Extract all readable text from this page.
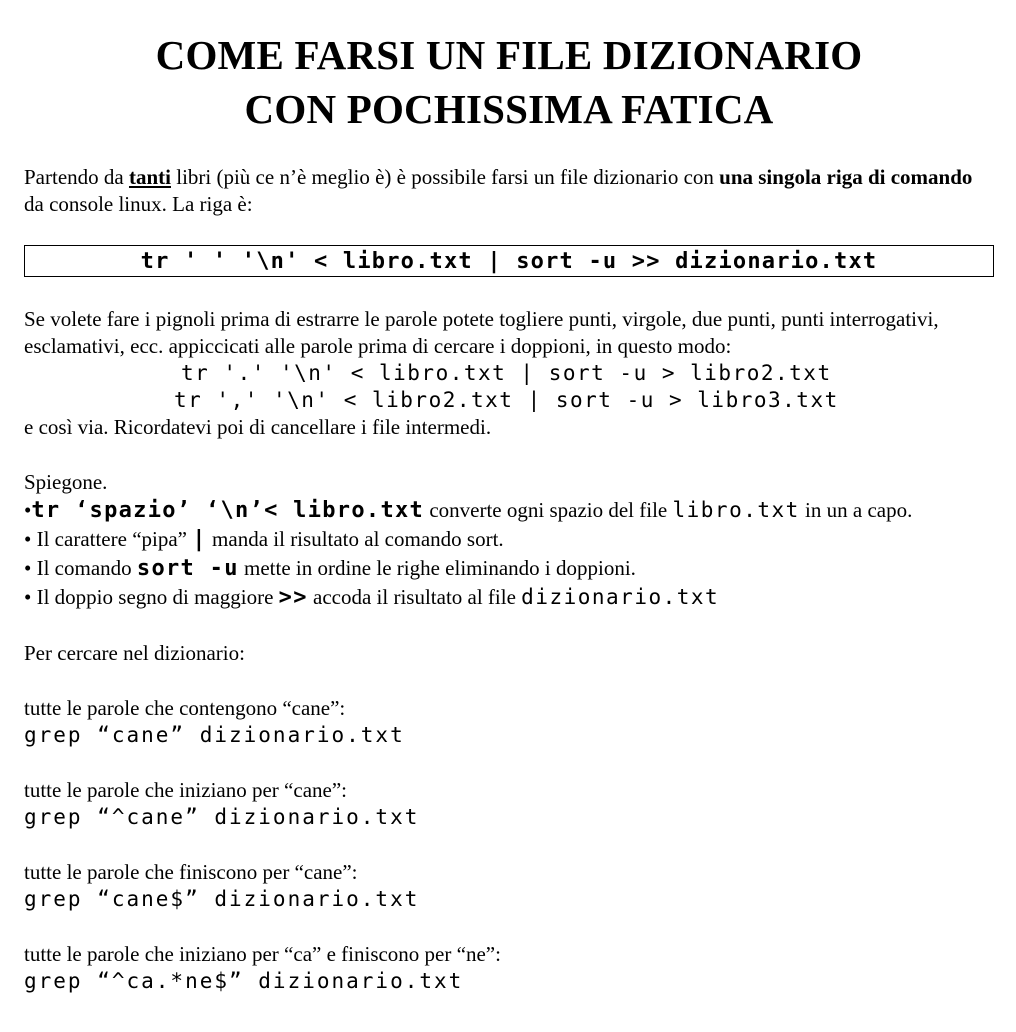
COME FARSI UN FILE DIZIONARIO
CON POCHISSIMA FATICA

Partendo da tanti libri (più ce n’è meglio è) è possibile farsi un file dizionario con una singola riga di comando da console linux. La riga è:

tr ' ' '\n' < libro.txt | sort -u >> dizionario.txt

Se volete fare i pignoli prima di estrarre le parole potete togliere punti, virgole, due punti, punti interrogativi, esclamativi, ecc. appiccicati alle parole prima di cercare i doppioni, in questo modo:

tr '.' '\n' < libro.txt | sort -u > libro2.txt

tr ',' '\n' < libro2.txt | sort -u > libro3.txt

e così via. Ricordatevi poi di cancellare i file intermedi.

Spiegone.

•tr ‘spazio’ ‘\n’< libro.txt converte ogni spazio del file libro.txt in un a capo.

• Il carattere “pipa” | manda il risultato al comando sort.

• Il comando sort -u mette in ordine le righe eliminando i doppioni.

• Il doppio segno di maggiore >> accoda il risultato al file dizionario.txt

Per cercare nel dizionario:

tutte le parole che contengono “cane”:

grep “cane” dizionario.txt

tutte le parole che iniziano per “cane”:

grep “^cane” dizionario.txt

tutte le parole che finiscono per “cane”:

grep “cane$” dizionario.txt

tutte le parole che iniziano per “ca” e finiscono per “ne”:

grep “^ca.*ne$” dizionario.txt
